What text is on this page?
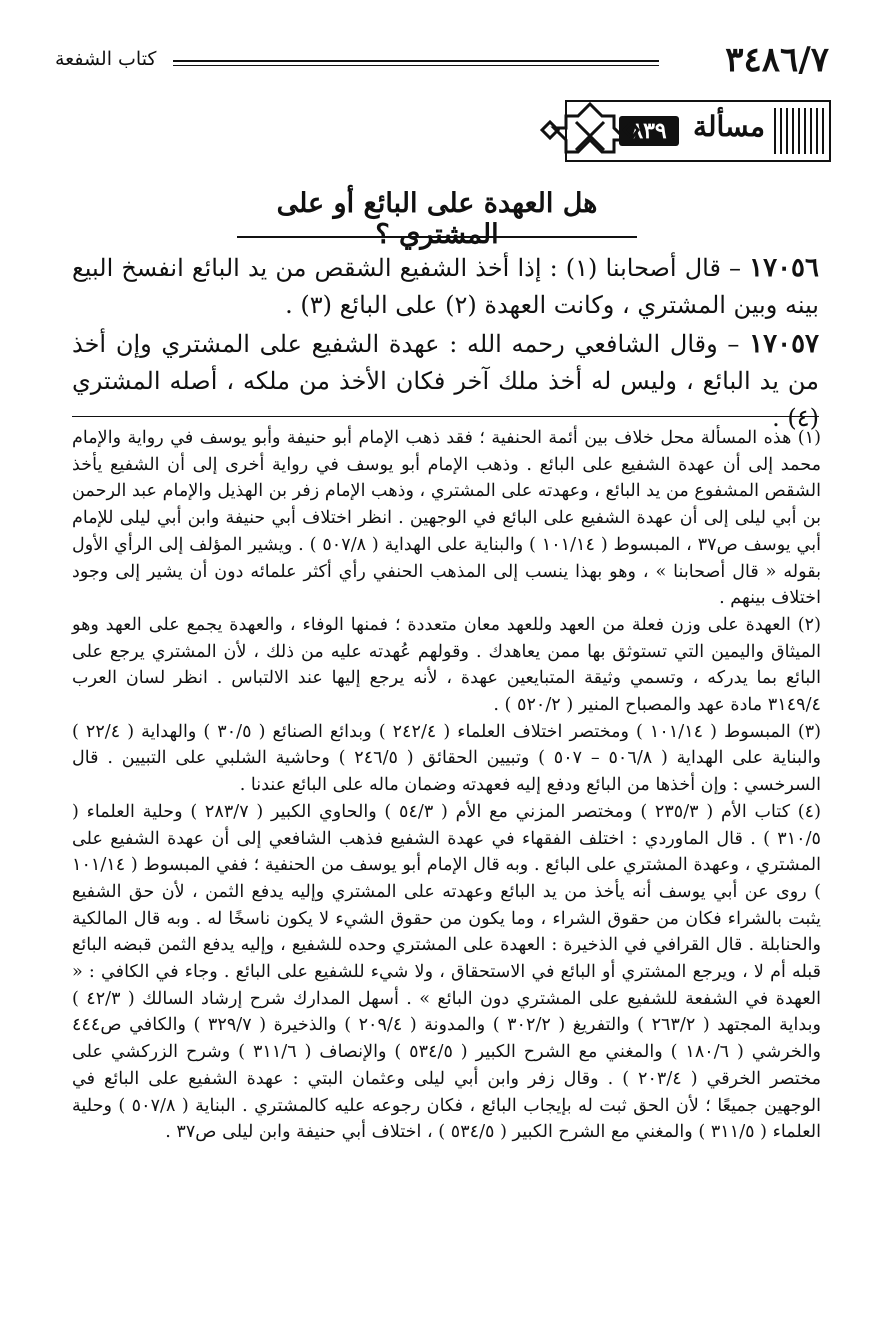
٣٤٨٦/٧
كتاب الشفعة
مسألة
٨٣٩
هل العهدة على البائع أو على المشتري ؟

١٧٠٥٦ – قال أصحابنا (١) : إذا أخذ الشفيع الشقص من يد البائع انفسخ البيع بينه وبين المشتري ، وكانت العهدة (٢) على البائع (٣) .

١٧٠٥٧ – وقال الشافعي رحمه الله : عهدة الشفيع على المشتري وإن أخذ من يد البائع ، وليس له أخذ ملك آخر فكان الأخذ من ملكه ، أصله المشتري (٤) .

(١) هذه المسألة محل خلاف بين أئمة الحنفية ؛ فقد ذهب الإمام أبو حنيفة وأبو يوسف في رواية والإمام محمد إلى أن عهدة الشفيع على البائع . وذهب الإمام أبو يوسف في رواية أخرى إلى أن الشفيع يأخذ الشقص المشفوع من يد البائع ، وعهدته على المشتري ، وذهب الإمام زفر بن الهذيل والإمام عبد الرحمن بن أبي ليلى إلى أن عهدة الشفيع على البائع في الوجهين . انظر اختلاف أبي حنيفة وابن أبي ليلى للإمام أبي يوسف ص٣٧ ، المبسوط ( ١٠١/١٤ ) والبناية على الهداية ( ٥٠٧/٨ ) . ويشير المؤلف إلى الرأي الأول بقوله « قال أصحابنا » ، وهو بهذا ينسب إلى المذهب الحنفي رأي أكثر علمائه دون أن يشير إلى وجود اختلاف بينهم .

(٢) العهدة على وزن فعلة من العهد وللعهد معان متعددة ؛ فمنها الوفاء ، والعهدة يجمع على العهد وهو الميثاق واليمين التي تستوثق بها ممن يعاهدك . وقولهم عُهدته عليه من ذلك ، لأن المشتري يرجع على البائع بما يدركه ، وتسمي وثيقة المتبايعين عهدة ، لأنه يرجع إليها عند الالتباس . انظر لسان العرب ٣١٤٩/٤ مادة عهد والمصباح المنير ( ٥٢٠/٢ ) .

(٣) المبسوط ( ١٠١/١٤ ) ومختصر اختلاف العلماء ( ٢٤٢/٤ ) وبدائع الصنائع ( ٣٠/٥ ) والهداية ( ٢٢/٤ ) والبناية على الهداية ( ٥٠٦/٨ – ٥٠٧ ) وتبيين الحقائق ( ٢٤٦/٥ ) وحاشية الشلبي على التبيين . قال السرخسي : وإن أخذها من البائع ودفع إليه فعهدته وضمان ماله على البائع عندنا .

(٤) كتاب الأم ( ٢٣٥/٣ ) ومختصر المزني مع الأم ( ٥٤/٣ ) والحاوي الكبير ( ٢٨٣/٧ ) وحلية العلماء ( ٣١٠/٥ ) . قال الماوردي : اختلف الفقهاء في عهدة الشفيع فذهب الشافعي إلى أن عهدة الشفيع على المشتري ، وعهدة المشتري على البائع . وبه قال الإمام أبو يوسف من الحنفية ؛ ففي المبسوط ( ١٠١/١٤ ) روى عن أبي يوسف أنه يأخذ من يد البائع وعهدته على المشتري وإليه يدفع الثمن ، لأن حق الشفيع يثبت بالشراء فكان من حقوق الشراء ، وما يكون من حقوق الشيء لا يكون ناسخًا له . وبه قال المالكية والحنابلة . قال القرافي في الذخيرة : العهدة على المشتري وحده للشفيع ، وإليه يدفع الثمن قبضه البائع قبله أم لا ، ويرجع المشتري أو البائع في الاستحقاق ، ولا شيء للشفيع على البائع . وجاء في الكافي : « العهدة في الشفعة للشفيع على المشتري دون البائع » . أسهل المدارك شرح إرشاد السالك ( ٤٢/٣ ) وبداية المجتهد ( ٢٦٣/٢ ) والتفريغ ( ٣٠٢/٢ ) والمدونة ( ٢٠٩/٤ ) والذخيرة ( ٣٢٩/٧ ) والكافي ص٤٤٤ والخرشي ( ١٨٠/٦ ) والمغني مع الشرح الكبير ( ٥٣٤/٥ ) والإنصاف ( ٣١١/٦ ) وشرح الزركشي على مختصر الخرقي ( ٢٠٣/٤ ) . وقال زفر وابن أبي ليلى وعثمان البتي : عهدة الشفيع على البائع في الوجهين جميعًا ؛ لأن الحق ثبت له بإيجاب البائع ، فكان رجوعه عليه كالمشتري . البناية ( ٥٠٧/٨ ) وحلية العلماء ( ٣١١/٥ ) والمغني مع الشرح الكبير ( ٥٣٤/٥ ) ، اختلاف أبي حنيفة وابن ليلى ص٣٧ .
